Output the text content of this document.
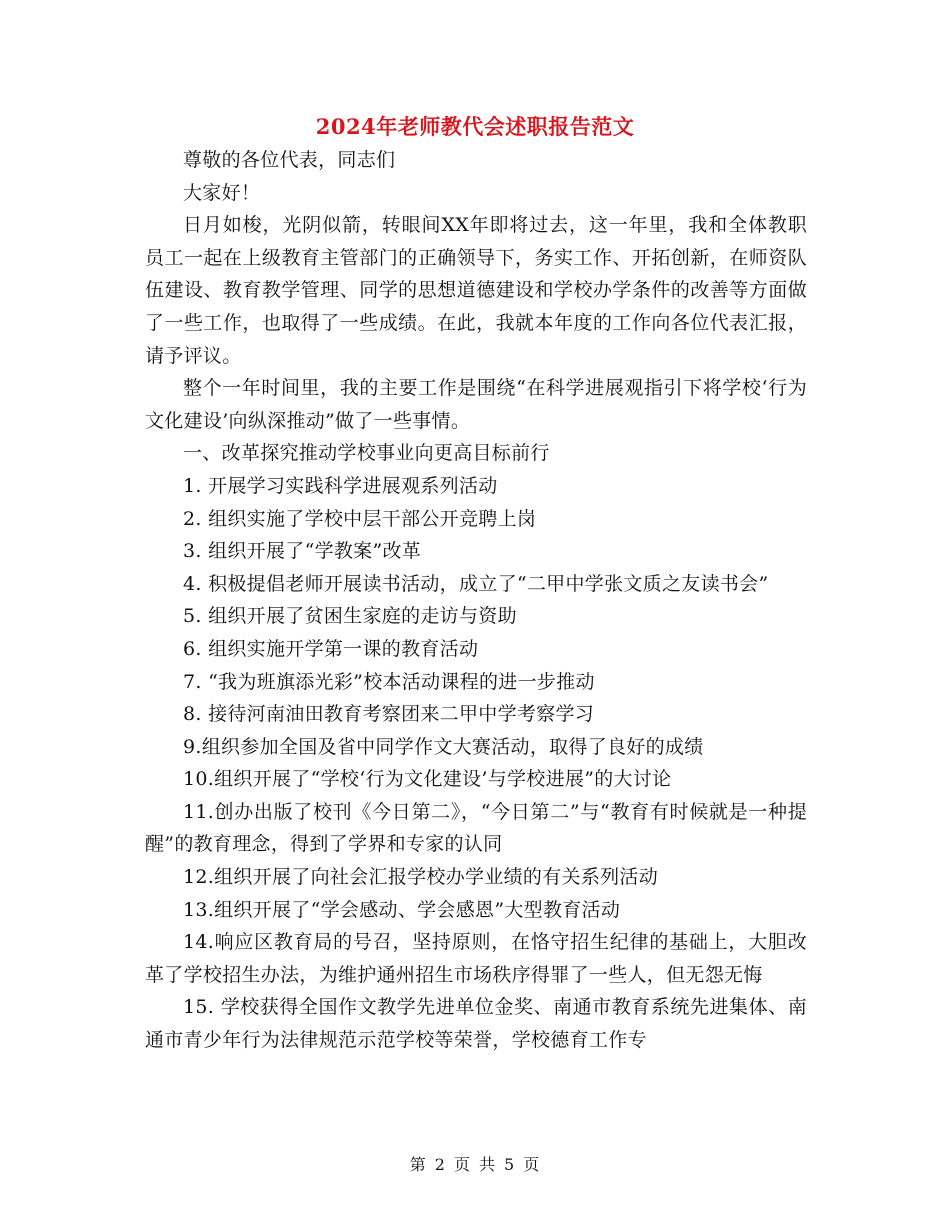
2024年老师教代会述职报告范文

尊敬的各位代表，同志们

大家好！

日月如梭，光阴似箭，转眼间XX年即将过去，这一年里，我和全体教职员工一起在上级教育主管部门的正确领导下，务实工作、开拓创新，在师资队伍建设、教育教学管理、同学的思想道德建设和学校办学条件的改善等方面做了一些工作，也取得了一些成绩。在此，我就本年度的工作向各位代表汇报，请予评议。

整个一年时间里，我的主要工作是围绕“在科学进展观指引下将学校‘行为文化建设’向纵深推动”做了一些事情。

一、改革探究推动学校事业向更高目标前行

1. 开展学习实践科学进展观系列活动

2. 组织实施了学校中层干部公开竞聘上岗

3. 组织开展了“学教案”改革

4. 积极提倡老师开展读书活动，成立了“二甲中学张文质之友读书会”

5. 组织开展了贫困生家庭的走访与资助

6. 组织实施开学第一课的教育活动

7. “我为班旗添光彩”校本活动课程的进一步推动

8. 接待河南油田教育考察团来二甲中学考察学习

9.组织参加全国及省中同学作文大赛活动，取得了良好的成绩

10.组织开展了“学校‘行为文化建设’与学校进展”的大讨论

11.创办出版了校刊《今日第二》，“今日第二”与“教育有时候就是一种提醒”的教育理念，得到了学界和专家的认同

12.组织开展了向社会汇报学校办学业绩的有关系列活动

13.组织开展了“学会感动、学会感恩”大型教育活动

14.响应区教育局的号召，坚持原则，在恪守招生纪律的基础上，大胆改革了学校招生办法，为维护通州招生市场秩序得罪了一些人，但无怨无悔

15. 学校获得全国作文教学先进单位金奖、南通市教育系统先进集体、南通市青少年行为法律规范示范学校等荣誉，学校德育工作专

第 2 页 共 5 页
